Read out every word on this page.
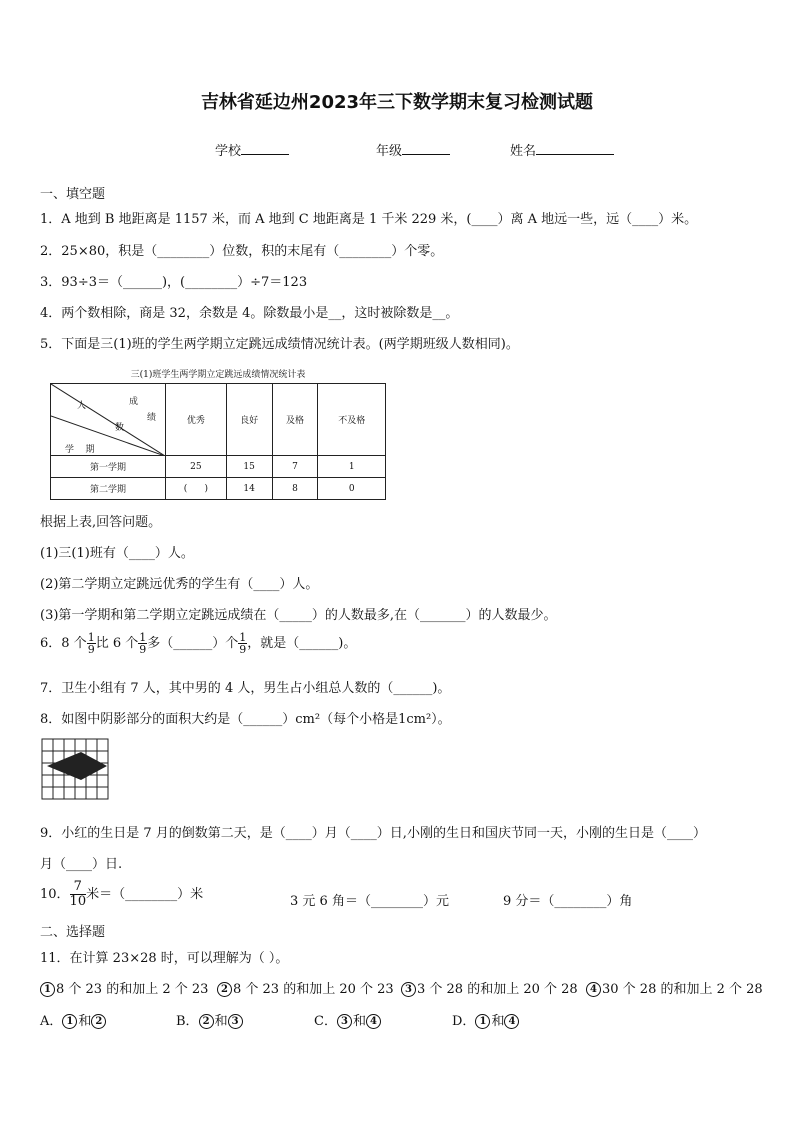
吉林省延边州2023年三下数学期末复习检测试题
学校	年级	姓名
一、填空题
1．A 地到 B 地距离是 1157 米，而 A 地到 C 地距离是 1 千米 229 米，(____）离 A 地远一些，远（____）米。
2．25×80，积是（________）位数，积的末尾有（________）个零。
3．93÷3＝（______)，(________）÷7＝123
4．两个数相除，商是 32，余数是 4。除数最小是__，这时被除数是__。
5．下面是三(1)班的学生两学期立定跳远成绩情况统计表。(两学期班级人数相同)。
三(1)班学生两学期立定跳远成绩情况统计表
成
人
绩
数
学    期	优秀	良好	及格	不及格
第一学期	25	15	7	1
第二学期	(      )	14	8	0
根据上表,回答问题。
(1)三(1)班有（____）人。
(2)第二学期立定跳远优秀的学生有（____）人。
(3)第一学期和第二学期立定跳远成绩在（_____）的人数最多,在（_______）的人数最少。
6．8 个 $\frac{1}{9}$ 比 6 个 $\frac{1}{9}$ 多（______）个 $\frac{1}{9}$ ，就是（______)。
7．卫生小组有 7 人，其中男的 4 人，男生占小组总人数的（______)。
8．如图中阴影部分的面积大约是（______）cm²（每个小格是1cm²）。
9．小红的生日是 7 月的倒数第二天，是（____）月（____）日,小刚的生日和国庆节同一天，小刚的生日是（____）
月（____）日.
10． $\frac{7}{10}$ 米＝（________）米	3 元 6 角＝（________）元	9 分＝（________）角
二、选择题
11．在计算 23×28 时，可以理解为（ ）。
1 8 个 23 的和加上 2 个 23	2 8 个 23 的和加上 20 个 23	3 3 个 28 的和加上 20 个 28	4 30 个 28 的和加上 2 个 28
A． 1 和 2	B． 2 和 3	C． 3 和 4	D． 1 和 4
